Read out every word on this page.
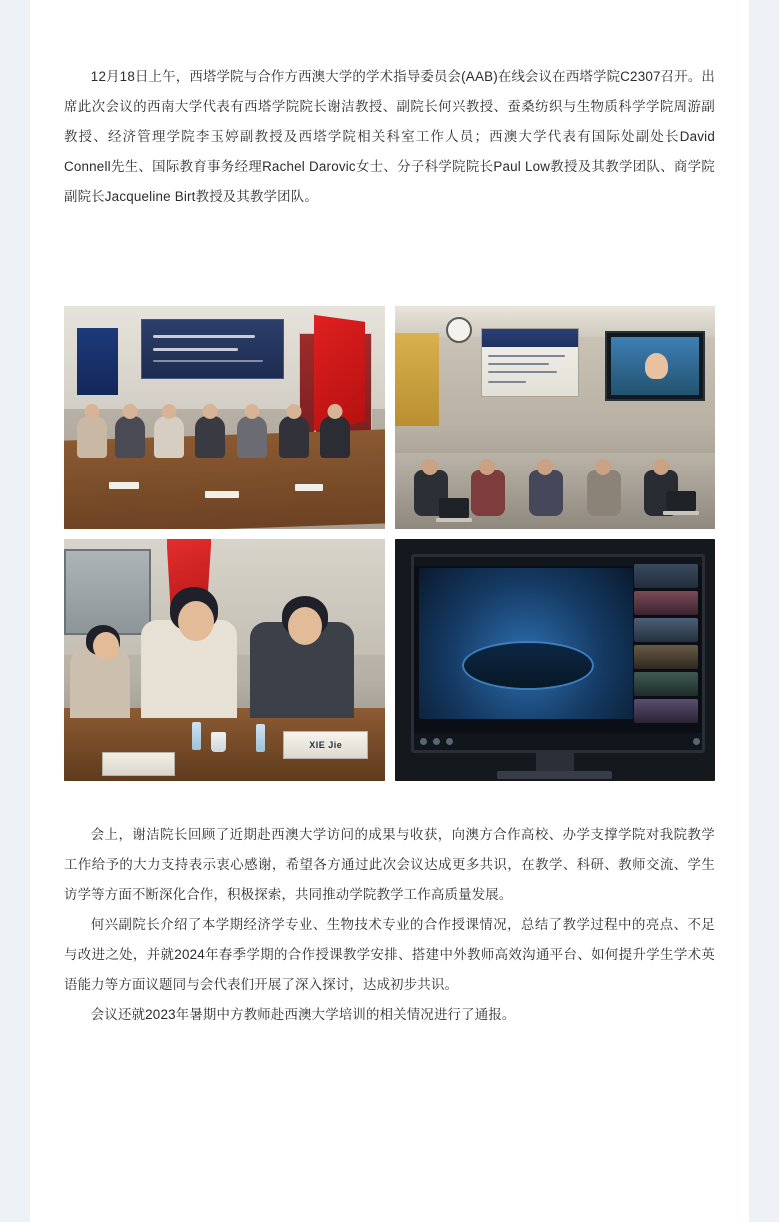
12月18日上午，西塔学院与合作方西澳大学的学术指导委员会(AAB)在线会议在西塔学院C2307召开。出席此次会议的西南大学代表有西塔学院院长谢洁教授、副院长何兴教授、蚕桑纺织与生物质科学学院周游副教授、经济管理学院李玉婷副教授及西塔学院相关科室工作人员；西澳大学代表有国际处副处长David Connell先生、国际教育事务经理Rachel Darovic女士、分子科学院院长Paul Low教授及其教学团队、商学院副院长Jacqueline Birt教授及其教学团队。

XIE Jie

会上，谢洁院长回顾了近期赴西澳大学访问的成果与收获，向澳方合作高校、办学支撑学院对我院教学工作给予的大力支持表示衷心感谢，希望各方通过此次会议达成更多共识，在教学、科研、教师交流、学生访学等方面不断深化合作，积极探索，共同推动学院教学工作高质量发展。

何兴副院长介绍了本学期经济学专业、生物技术专业的合作授课情况，总结了教学过程中的亮点、不足与改进之处，并就2024年春季学期的合作授课教学安排、搭建中外教师高效沟通平台、如何提升学生学术英语能力等方面议题同与会代表们开展了深入探讨，达成初步共识。

会议还就2023年暑期中方教师赴西澳大学培训的相关情况进行了通报。
